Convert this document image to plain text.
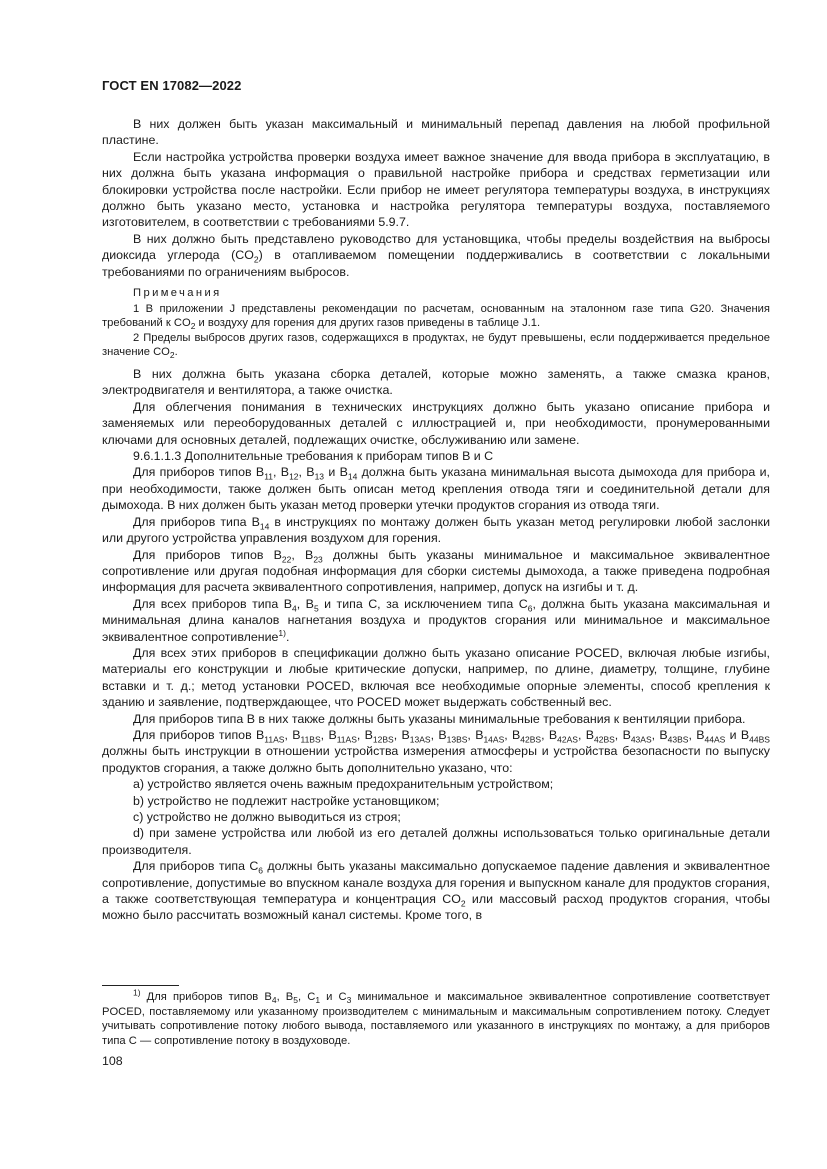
ГОСТ EN 17082—2022

В них должен быть указан максимальный и минимальный перепад давления на любой профильной пластине.

Если настройка устройства проверки воздуха имеет важное значение для ввода прибора в эксплуатацию, в них должна быть указана информация о правильной настройке прибора и средствах герметизации или блокировки устройства после настройки. Если прибор не имеет регулятора температуры воздуха, в инструкциях должно быть указано место, установка и настройка регулятора температуры воздуха, поставляемого изготовителем, в соответствии с требованиями 5.9.7.

В них должно быть представлено руководство для установщика, чтобы пределы воздействия на выбросы диоксида углерода $(CO_2)$ в отапливаемом помещении поддерживались в соответствии с локальными требованиями по ограничениям выбросов.

Примечания

1 В приложении J представлены рекомендации по расчетам, основанным на эталонном газе типа G20. Значения требований к $CO_2$ и воздуху для горения для других газов приведены в таблице J.1.

2 Пределы выбросов других газов, содержащихся в продуктах, не будут превышены, если поддерживается предельное значение $CO_2$.

В них должна быть указана сборка деталей, которые можно заменять, а также смазка кранов, электродвигателя и вентилятора, а также очистка.

Для облегчения понимания в технических инструкциях должно быть указано описание прибора и заменяемых или переоборудованных деталей с иллюстрацией и, при необходимости, пронумерованными ключами для основных деталей, подлежащих очистке, обслуживанию или замене.

9.6.1.1.3 Дополнительные требования к приборам типов В и С

Для приборов типов $В_{11}$, $В_{12}$, $В_{13}$ и $В_{14}$ должна быть указана минимальная высота дымохода для прибора и, при необходимости, также должен быть описан метод крепления отвода тяги и соединительной детали для дымохода. В них должен быть указан метод проверки утечки продуктов сгорания из отвода тяги.

Для приборов типа $В_{14}$ в инструкциях по монтажу должен быть указан метод регулировки любой заслонки или другого устройства управления воздухом для горения.

Для приборов типов $В_{22}$, $В_{23}$ должны быть указаны минимальное и максимальное эквивалентное сопротивление или другая подобная информация для сборки системы дымохода, а также приведена подробная информация для расчета эквивалентного сопротивления, например, допуск на изгибы и т. д.

Для всех приборов типа $В_4$, $В_5$ и типа С, за исключением типа $С_6$, должна быть указана максимальная и минимальная длина каналов нагнетания воздуха и продуктов сгорания или минимальное и максимальное эквивалентное сопротивление$^{1)}$.

Для всех этих приборов в спецификации должно быть указано описание POCED, включая любые изгибы, материалы его конструкции и любые критические допуски, например, по длине, диаметру, толщине, глубине вставки и т. д.; метод установки POCED, включая все необходимые опорные элементы, способ крепления к зданию и заявление, подтверждающее, что POCED может выдержать собственный вес.

Для приборов типа В в них также должны быть указаны минимальные требования к вентиляции прибора.

Для приборов типов $В_{11AS}$, $В_{11BS}$, $В_{11AS}$, $В_{12BS}$, $В_{13AS}$, $В_{13BS}$, $В_{14AS}$, $В_{42BS}$, $В_{42AS}$, $В_{42BS}$, $В_{43AS}$, $В_{43BS}$, $В_{44AS}$ и $В_{44BS}$ должны быть инструкции в отношении устройства измерения атмосферы и устройства безопасности по выпуску продуктов сгорания, а также должно быть дополнительно указано, что:

a) устройство является очень важным предохранительным устройством;

b) устройство не подлежит настройке установщиком;

c) устройство не должно выводиться из строя;

d) при замене устройства или любой из его деталей должны использоваться только оригинальные детали производителя.

Для приборов типа $С_6$ должны быть указаны максимально допускаемое падение давления и эквивалентное сопротивление, допустимые во впускном канале воздуха для горения и выпускном канале для продуктов сгорания, а также соответствующая температура и концентрация $CO_2$ или массовый расход продуктов сгорания, чтобы можно было рассчитать возможный канал системы. Кроме того, в

$^{1)}$ Для приборов типов $В_4$, $В_5$, $С_1$ и $С_3$ минимальное и максимальное эквивалентное сопротивление соответствует POCED, поставляемому или указанному производителем с минимальным и максимальным сопротивлением потоку. Следует учитывать сопротивление потоку любого вывода, поставляемого или указанного в инструкциях по монтажу, а для приборов типа С — сопротивление потоку в воздуховоде.

108
